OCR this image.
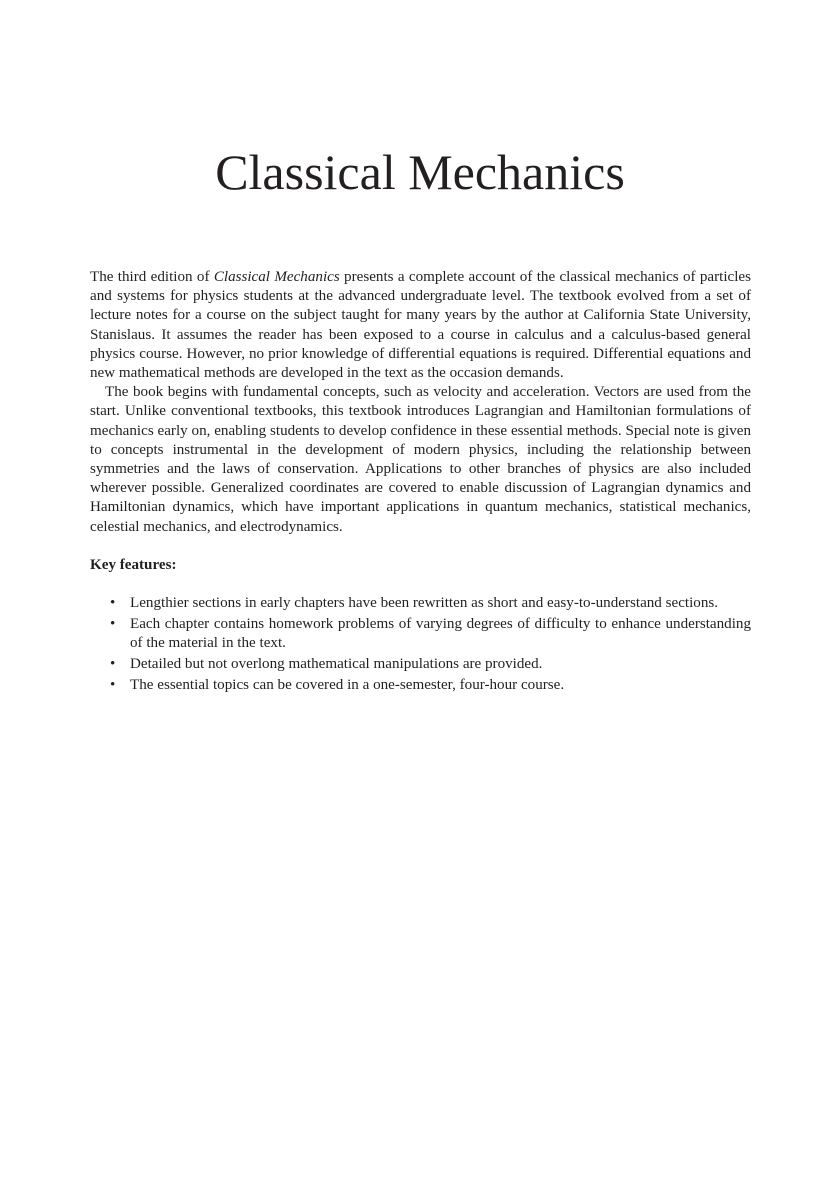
Classical Mechanics

The third edition of Classical Mechanics presents a complete account of the classical mechanics of particles and systems for physics students at the advanced undergraduate level. The textbook evolved from a set of lecture notes for a course on the subject taught for many years by the author at California State University, Stanislaus. It assumes the reader has been exposed to a course in calculus and a calculus-based general physics course. However, no prior knowledge of differential equations is required. Differential equations and new mathematical methods are developed in the text as the occasion demands.

The book begins with fundamental concepts, such as velocity and acceleration. Vectors are used from the start. Unlike conventional textbooks, this textbook introduces Lagrangian and Hamiltonian formulations of mechanics early on, enabling students to develop confidence in these essential methods. Special note is given to concepts instrumental in the development of modern physics, including the relationship between symmetries and the laws of conservation. Applications to other branches of physics are also included wherever possible. Generalized coordinates are covered to enable discussion of Lagrangian dynamics and Hamiltonian dynamics, which have important applications in quantum mechanics, statistical mechanics, celestial mechanics, and electrodynamics.

Key features:

• Lengthier sections in early chapters have been rewritten as short and easy-to-understand sections.
• Each chapter contains homework problems of varying degrees of difficulty to enhance understanding of the material in the text.
• Detailed but not overlong mathematical manipulations are provided.
• The essential topics can be covered in a one-semester, four-hour course.
